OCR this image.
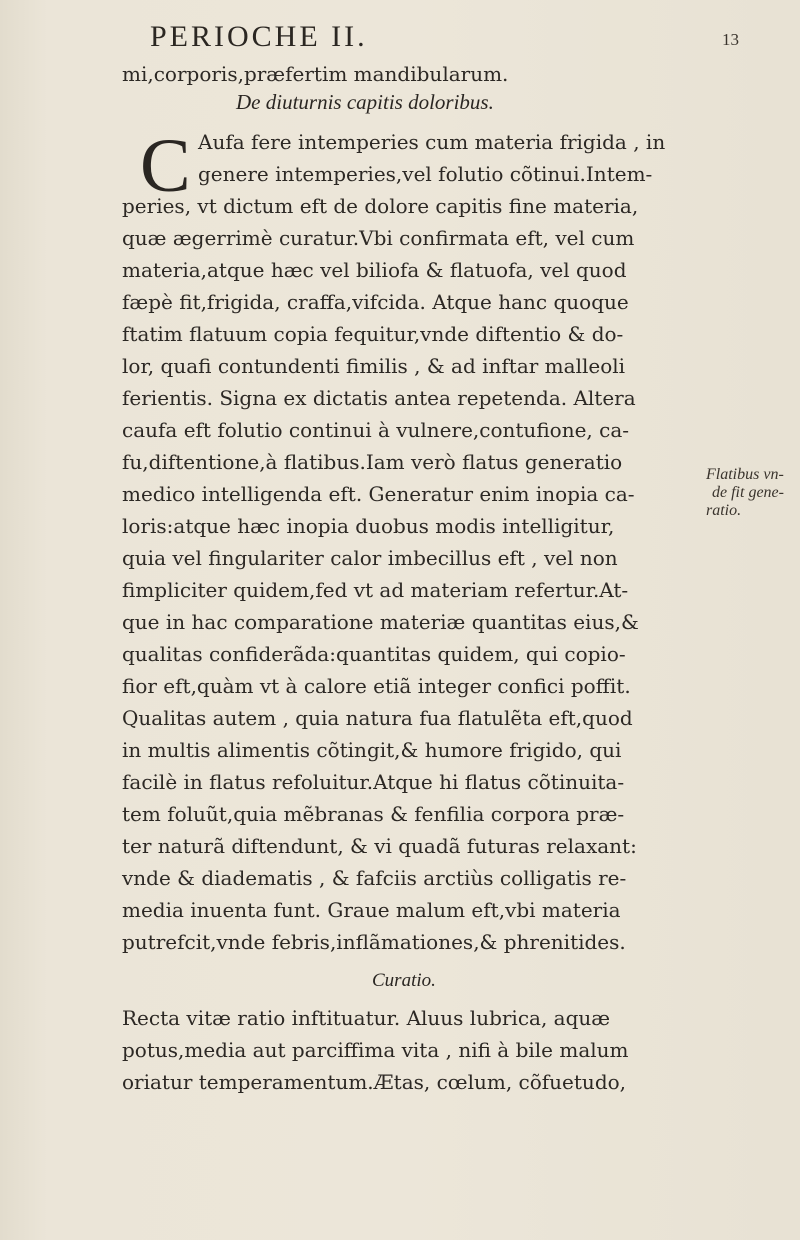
PERIOCHE II.	13
De diuturnis capitis doloribus.
C
mi,corporis,præfertim mandibularum.
Aufa fere intemperies cum materia frigida , in
genere intemperies,vel folutio cõtinui.Intem-
peries, vt dictum eft de dolore capitis fine materia,
quæ ægerrimè curatur.Vbi confirmata eft, vel cum
materia,atque hæc vel biliofa & flatuofa, vel quod
fæpè fit,frigida, craffa,vifcida. Atque hanc quoque
ftatim flatuum copia fequitur,vnde diftentio & do-
lor, quafi contundenti fimilis , & ad inftar malleoli
ferientis. Signa ex dictatis antea repetenda. Altera
caufa eft folutio continui à vulnere,contufione, ca-
fu,diftentione,à flatibus.Iam verò flatus generatio
medico intelligenda eft. Generatur enim inopia ca-
loris:atque hæc inopia duobus modis intelligitur,
quia vel fingulariter calor imbecillus eft , vel non
fimpliciter quidem,fed vt ad materiam refertur.At-
que in hac comparatione materiæ quantitas eius,&
qualitas confiderãda:quantitas quidem, qui copio-
fior eft,quàm vt à calore etiã integer confici poffit.
Qualitas autem , quia natura fua flatulẽta eft,quod
in multis alimentis cõtingit,& humore frigido, qui
facilè in flatus refoluitur.Atque hi flatus cõtinuita-
tem foluũt,quia mẽbranas & fenfilia corpora præ-
ter naturã diftendunt, & vi quadã futuras relaxant:
vnde & diadematis , & fafciis arctiùs colligatis re-
media inuenta funt. Graue malum eft,vbi materia
putrefcit,vnde febris,inflãmationes,& phrenitides.
Recta vitæ ratio inftituatur. Aluus lubrica, aquæ
potus,media aut parciffima vita , nifi à bile malum
oriatur temperamentum.Ætas, cœlum, cõfuetudo,
Curatio.
Flatibus vn-
de fit gene-
ratio.
